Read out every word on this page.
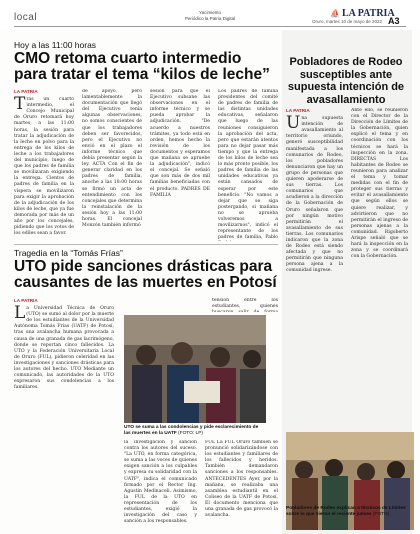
local	Yacimiento
Periódico la Patria Digital
⛵ LA PATRIA
Oruro, martes 10 de mayo de 2022 A3
Hoy a las 11:00 horas
CMO retoma cuarto intermedio para tratar el tema “kilos de leche”
LA PATRIA
T ras un cuarto intermedio, el Concejo Municipal de Oruro retomará hoy martes, a las 11:00 horas, la sesión para tratar la adjudicación de la leche en polvo para la entrega de los kilos de leche a los trabajadores del municipio, luego de que los padres de familia se movilizaran exigiendo la entrega. Cientos de padres de familia en la víspera se movilizaron para exigir la aprobación de la adjudicación de los kilos de leche, que ya fue demorada por más de un año por los concejales, pidiendo que los votos de los ediles sean a favor.
de apoyo, pero lamentablemente la documentación que llegó del Ejecutivo tenía algunas observaciones, no somos conscientes de que los trabajadores deben ser favorecidos, pero el Ejecutivo no envió en el plazo el informe técnico que debía presentar según la ley. ACTA Con el fin de generar claridad en los padres de familia, anoche a las 18:00 horas se firmó un acta de entendimiento con los concejales que determina la reinstalación de la sesión hoy a las 11:00 horas. El concejal Monzón también informó
sesión para que el Ejecutivo subsane las observaciones en el informe técnico y se pueda aprobar la adjudicación. "De acuerdo a nuestros trámites, ya todo está en orden, hemos hecho la revisión de los documentos y esperamos que mañana se apruebe la adjudicación", indicó el concejal. Se señaló que son más de dos mil familias beneficiadas con el producto. PADRES DE FAMILIA
Los padres de familia presidentes del comité de padres de familia de las distintas unidades educativas, señalaron que luego de las reuniones consiguieron la aprobación del acta, pero que estarán atentos para no dejar pasar más tiempo y que la entrega de los kilos de leche sea lo más pronto posible, los padres de familia de las unidades educativas ya están cansados de esperar por este beneficio. "No vamos a dejar que se siga postergando, si mañana no se aprueba volveremos a movilizarnos", indicó el representante de los padres de familia, Pablo
Tragedia en la “Tomás Frías”
UTO pide sanciones drásticas para causantes de las muertes en Potosí
LA PATRIA
L a Universidad Técnica de Oruro (UTO) se sumó al dolor por la muerte de los estudiantes de la Universidad Autónoma Tomás Frías (UATF) de Potosí, tras una avalancha humana provocada a causa de una granada de gas lacrimógeno, donde se reportan cinco fallecidos. La UTO y la Federación Universitaria Local de Oruro (FUL), pidieron celeridad en las investigaciones y sanciones drásticas para los autores del hecho. UTO Mediante un comunicado, las autoridades de la UTO expresaron sus condolencias a los familiares.
UTO se suma a las condolencias y pide esclarecimiento de las muertes en la UATF (FOTO: LP)
la investigación y sanción contra los autores del suceso. "La UTO, en forma categórica, se suma a las voces de quienes exigen sanción a los culpables y expresa su solidaridad con la UATF", indica el comunicado firmado por el Rector Ing. Agustín Medinaceli. Asimismo, la FUL de la UTO en representación de los estudiantes, exigió la investigación del caso y sanción a los responsables.
FUL La FUL Oruro también se pronunció solidarizándose con los estudiantes y familiares de los fallecidos y heridos. También demandaron sanciones a los responsables. ANTECEDENTES Ayer, por la mañana, se realizaba una asamblea estudiantil en el Coliseo de la UATF de Potosí. El documento menciona que una granada de gas provocó la avalancha.
Pobladores de Rodeo susceptibles ante supuesta intención de avasallamiento
LA PATRIA
U na supuesta intención de avasallamiento al territorio oriundo, generó susceptibilidad manifestada a los comunarios de Rodeo, los pobladores denunciaron que hay un grupo de personas que quieren apoderarse de sus tierras. Los comunarios que acudieron a la dirección de la Gobernación de Oruro señalaron que por ningún motivo permitirán el avasallamiento de sus tierras. Los comunarios indicaron que la zona de Rodeo está siendo afectada y que no permitirán que ninguna persona ajena a la comunidad ingrese.
Ante ello, se reunieron con el Director de la Dirección de Límites de la Gobernación, quien explicó el tema y en coordinación con los técnicos se hará la inspección en la zona. DIRECTAS Los habitantes de Rodeo se reunieron para analizar el tema y tomar medidas con el fin de proteger sus tierras y evitar el avasallamiento que según ellos se quiere realizar, y advirtieron que no permitirán el ingreso de personas ajenas a la comunidad. Rigoberto Arispe señaló que se hará la inspección en la zona y se coordinará con la Gobernación.
Pobladores de Rodeo explican a técnicos de Límites sobre lo que vieron el reciente jueves (FOTO)
tensión entre los estudiantes, quienes
